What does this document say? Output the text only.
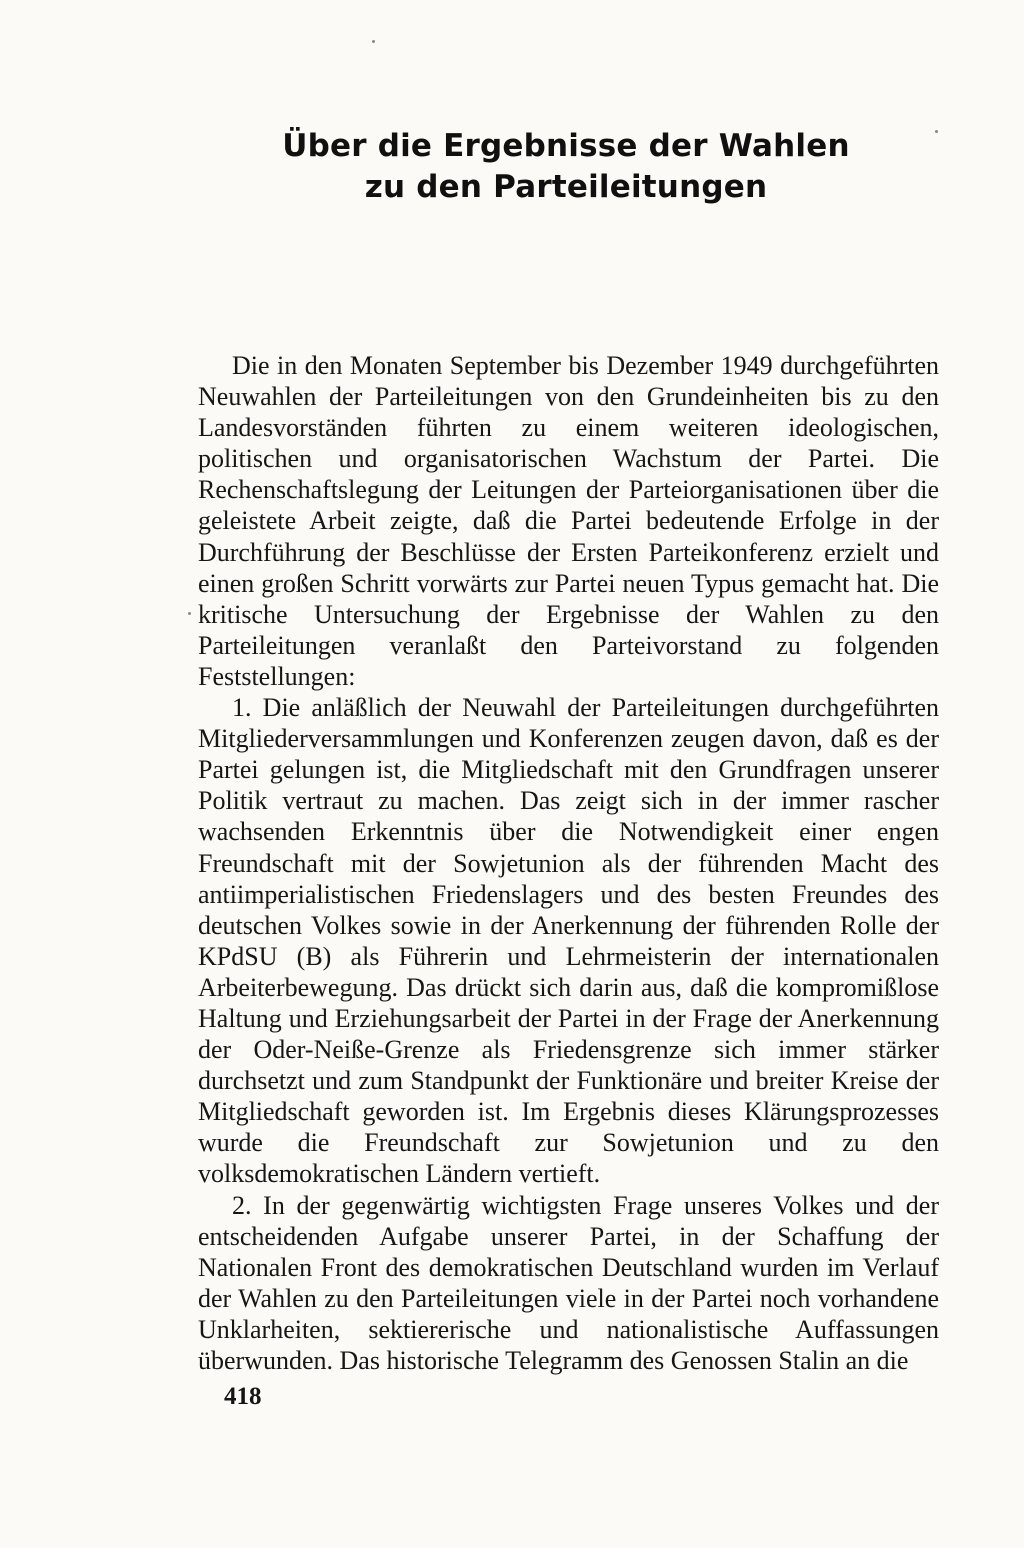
Über die Ergebnisse der Wahlen
zu den Parteileitungen

Die in den Monaten September bis Dezember 1949 durchgeführten Neuwahlen der Parteileitungen von den Grundeinheiten bis zu den Landesvorständen führten zu einem weiteren ideologischen, politischen und organisatorischen Wachstum der Partei. Die Rechenschaftslegung der Leitungen der Parteiorganisationen über die geleistete Arbeit zeigte, daß die Partei bedeutende Erfolge in der Durchführung der Beschlüsse der Ersten Parteikonferenz erzielt und einen großen Schritt vorwärts zur Partei neuen Typus gemacht hat. Die kritische Untersuchung der Ergebnisse der Wahlen zu den Parteileitungen veranlaßt den Parteivorstand zu folgenden Feststellungen:

1. Die anläßlich der Neuwahl der Parteileitungen durchgeführten Mitgliederversammlungen und Konferenzen zeugen davon, daß es der Partei gelungen ist, die Mitgliedschaft mit den Grundfragen unserer Politik vertraut zu machen. Das zeigt sich in der immer rascher wachsenden Erkenntnis über die Notwendigkeit einer engen Freundschaft mit der Sowjetunion als der führenden Macht des antiimperialistischen Friedenslagers und des besten Freundes des deutschen Volkes sowie in der Anerkennung der führenden Rolle der KPdSU (B) als Führerin und Lehrmeisterin der internationalen Arbeiterbewegung. Das drückt sich darin aus, daß die kompromißlose Haltung und Erziehungsarbeit der Partei in der Frage der Anerkennung der Oder-Neiße-Grenze als Friedensgrenze sich immer stärker durchsetzt und zum Standpunkt der Funktionäre und breiter Kreise der Mitgliedschaft geworden ist. Im Ergebnis dieses Klärungsprozesses wurde die Freundschaft zur Sowjetunion und zu den volksdemokratischen Ländern vertieft.

2. In der gegenwärtig wichtigsten Frage unseres Volkes und der entscheidenden Aufgabe unserer Partei, in der Schaffung der Nationalen Front des demokratischen Deutschland wurden im Verlauf der Wahlen zu den Parteileitungen viele in der Partei noch vorhandene Unklarheiten, sektiererische und nationalistische Auffassungen überwunden. Das historische Telegramm des Genossen Stalin an die

418
